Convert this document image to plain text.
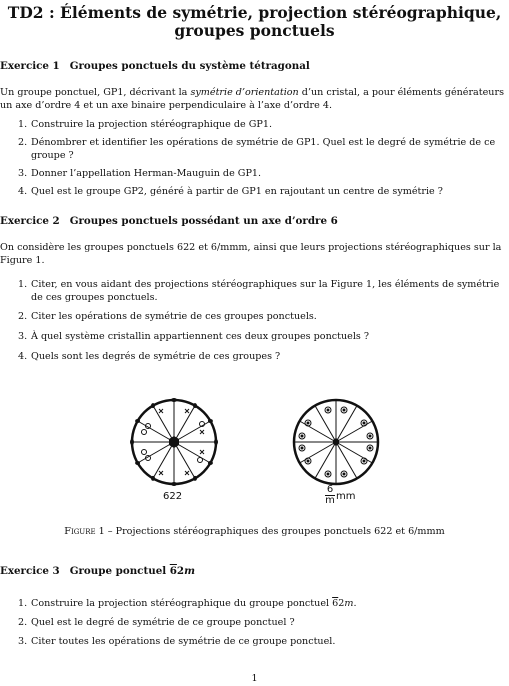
TD2 : Éléments de symétrie, projection stéréographique,
groupes ponctuels
Exercice 1 Groupes ponctuels du système tétragonal
Un groupe ponctuel, GP1, décrivant la symétrie d’orientation d’un cristal, a pour éléments générateurs
un axe d’ordre 4 et un axe binaire perpendiculaire à l’axe d’ordre 4.
1. Construire la projection stéréographique de GP1.
2. Dénombrer et identifier les opérations de symétrie de GP1. Quel est le degré de symétrie de ce
groupe ?
3. Donner l’appellation Herman-Mauguin de GP1.
4. Quel est le groupe GP2, généré à partir de GP1 en rajoutant un centre de symétrie ?
Exercice 2 Groupes ponctuels possédant un axe d’ordre 6
On considère les groupes ponctuels 622 et 6/mmm, ainsi que leurs projections stéréographiques sur la
Figure 1.
1. Citer, en vous aidant des projections stéréographiques sur la Figure 1, les éléments de symétrie
de ces groupes ponctuels.
2. Citer les opérations de symétrie de ces groupes ponctuels.
3. À quel système cristallin appartiennent ces deux groupes ponctuels ?
4. Quels sont les degrés de symétrie de ces groupes ?
622	$\frac{6}{m}$ mm
Figure 1 – Projections stéréographiques des groupes ponctuels 622 et 6/mmm
Exercice 3 Groupe ponctuel 62m
1. Construire la projection stéréographique du groupe ponctuel 62m.
2. Quel est le degré de symétrie de ce groupe ponctuel ?
3. Citer toutes les opérations de symétrie de ce groupe ponctuel.
1
